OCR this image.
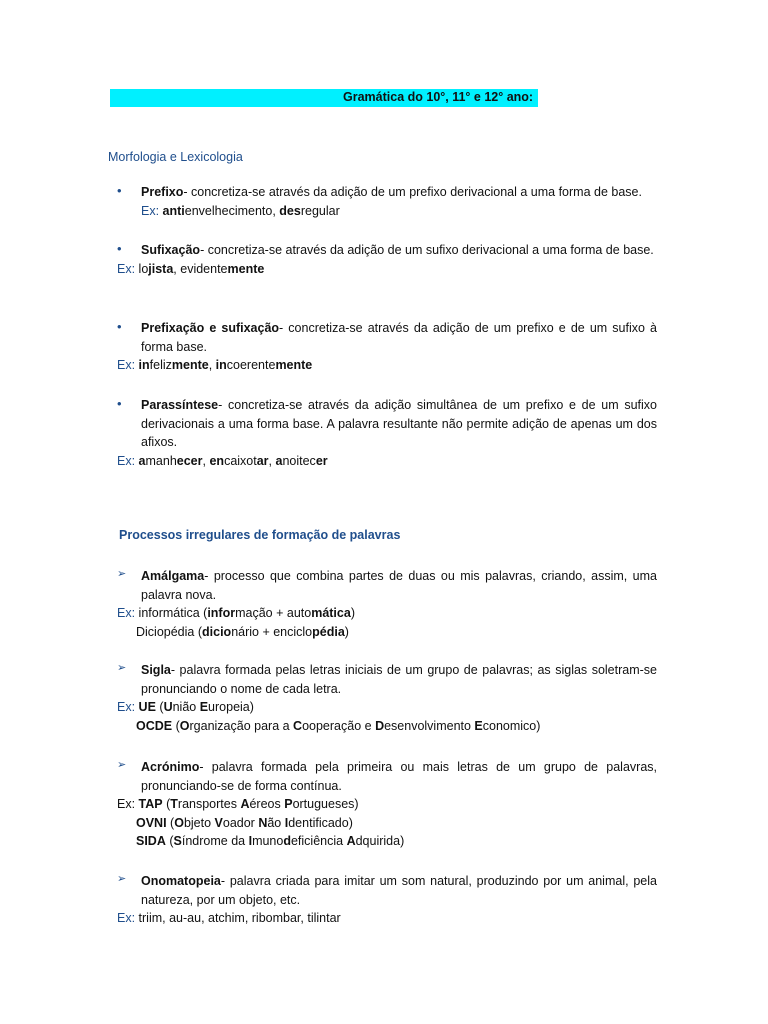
Gramática do 10°, 11° e 12° ano:
Morfologia e Lexicologia
• Prefixo- concretiza-se através da adição de um prefixo derivacional a uma forma de base.
Ex: antienvelhecimento, desregular
• Sufixação- concretiza-se através da adição de um sufixo derivacional a uma forma de base.
Ex: lojista, evidentemente
• Prefixação e sufixação- concretiza-se através da adição de um prefixo e de um sufixo à forma base.
Ex: infelizmente, incoerentemente
• Parassíntese- concretiza-se através da adição simultânea de um prefixo e de um sufixo derivacionais a uma forma base. A palavra resultante não permite adição de apenas um dos afixos.
Ex: amanhecer, encaixotar, anoitecer
Processos irregulares de formação de palavras
➢ Amálgama- processo que combina partes de duas ou mis palavras, criando, assim, uma palavra nova.
Ex: informática (informação + automática)
Diciopédia (dicionário + enciclopédia)
➢ Sigla- palavra formada pelas letras iniciais de um grupo de palavras; as siglas soletram-se pronunciando o nome de cada letra.
Ex: UE (União Europeia)
OCDE (Organização para a Cooperação e Desenvolvimento Economico)
➢ Acrónimo- palavra formada pela primeira ou mais letras de um grupo de palavras, pronunciando-se de forma contínua.
Ex: TAP (Transportes Aéreos Portugueses)
OVNI (Objeto Voador Não Identificado)
SIDA (Síndrome da Imunodeficiência Adquirida)
➢ Onomatopeia- palavra criada para imitar um som natural, produzindo por um animal, pela natureza, por um objeto, etc.
Ex: triim, au-au, atchim, ribombar, tilintar
